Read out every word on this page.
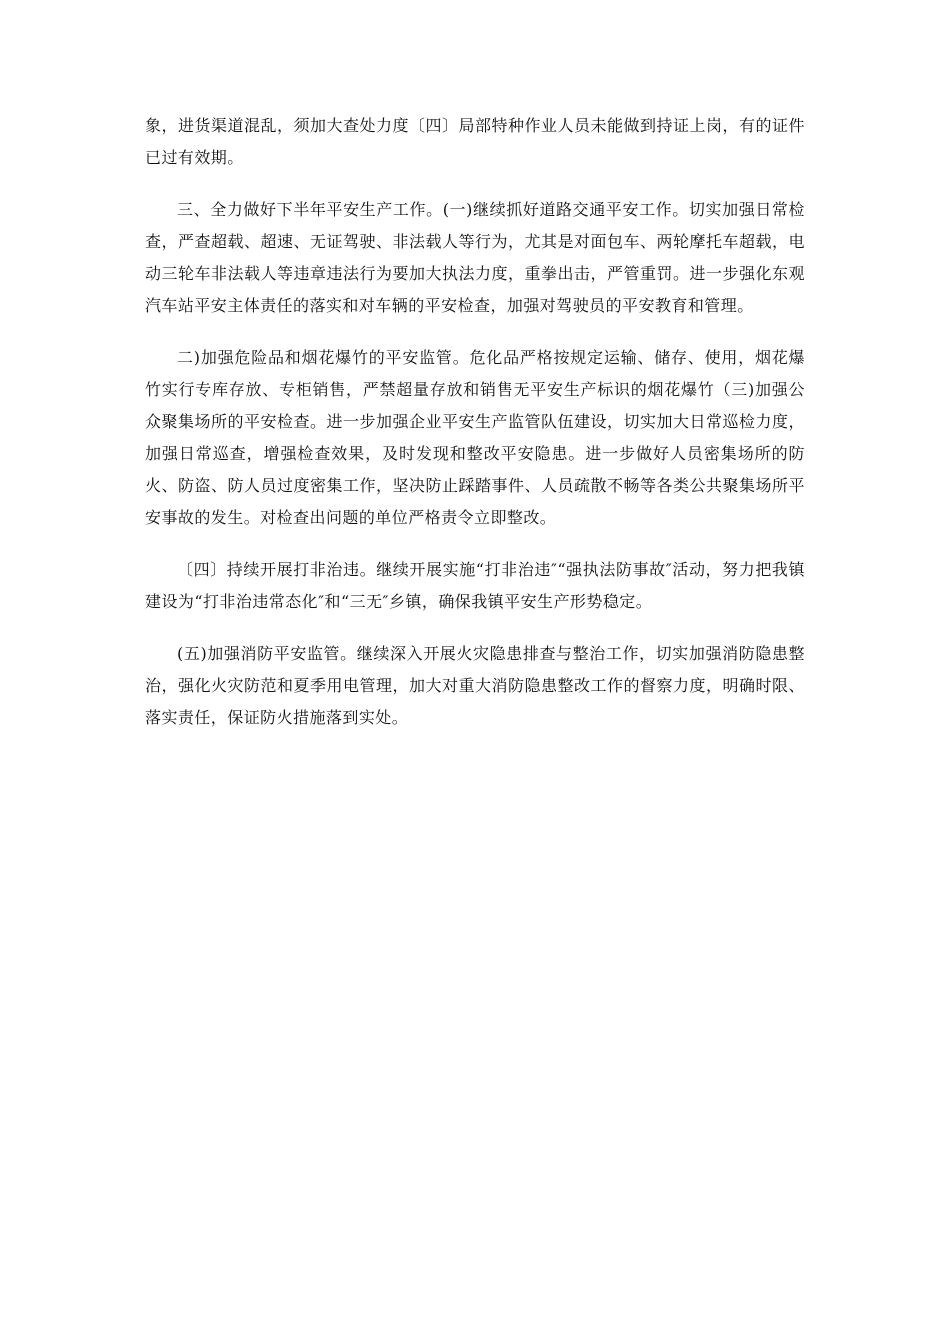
象，进货渠道混乱，须加大查处力度〔四〕局部特种作业人员未能做到持证上岗，有的证件已过有效期。

三、全力做好下半年平安生产工作。(一)继续抓好道路交通平安工作。切实加强日常检查，严查超载、超速、无证驾驶、非法载人等行为，尤其是对面包车、两轮摩托车超载，电动三轮车非法载人等违章违法行为要加大执法力度，重拳出击，严管重罚。进一步强化东观汽车站平安主体责任的落实和对车辆的平安检查，加强对驾驶员的平安教育和管理。

二)加强危险品和烟花爆竹的平安监管。危化品严格按规定运输、储存、使用，烟花爆竹实行专库存放、专柜销售，严禁超量存放和销售无平安生产标识的烟花爆竹（三)加强公众聚集场所的平安检查。进一步加强企业平安生产监管队伍建设，切实加大日常巡检力度，加强日常巡查，增强检查效果，及时发现和整改平安隐患。进一步做好人员密集场所的防火、防盗、防人员过度密集工作，坚决防止踩踏事件、人员疏散不畅等各类公共聚集场所平安事故的发生。对检查出问题的单位严格责令立即整改。

〔四〕持续开展打非治违。继续开展实施“打非治违″“强执法防事故″活动，努力把我镇建设为“打非治违常态化″和“三无″乡镇，确保我镇平安生产形势稳定。

(五)加强消防平安监管。继续深入开展火灾隐患排查与整治工作，切实加强消防隐患整治，强化火灾防范和夏季用电管理，加大对重大消防隐患整改工作的督察力度，明确时限、落实责任，保证防火措施落到实处。
